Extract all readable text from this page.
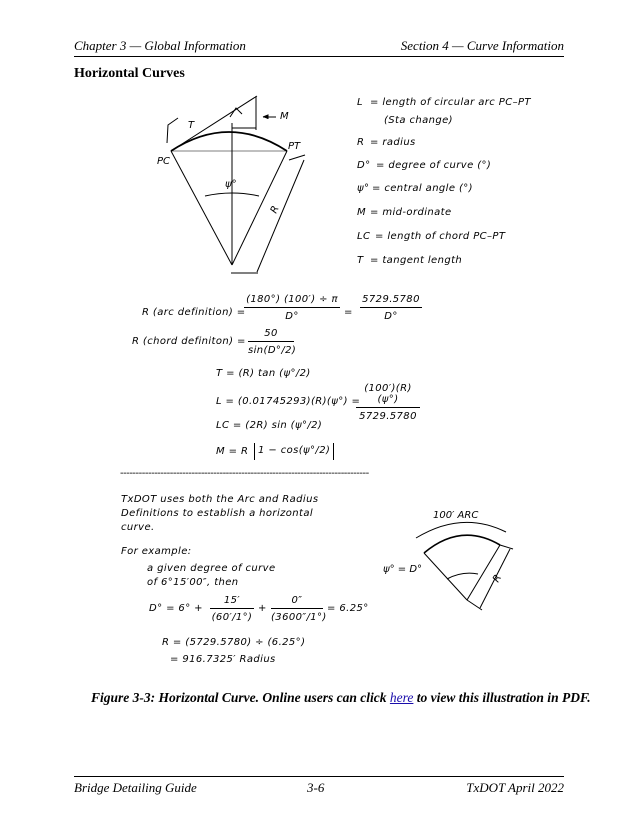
Chapter 3 — Global Information	Section 4 — Curve Information
Horizontal Curves
T
M
PC
PT
ψ°
R
100′ ARC
ψ° = D°
R
L = length of circular arc PC–PT
(Sta change)
R = radius
D° = degree of curve (°)
ψ° = central angle (°)
M = mid-ordinate
LC = length of chord PC–PT
T = tangent length
R (arc definition) =
$\frac{(180^\circ) (100') \div \pi}{D^\circ} = \frac{5729.5780}{D^\circ}$
R (chord definiton) = $\frac{50}{\sin(D^\circ/2)}$
T = (R) tan (ψ°/2)
L = (0.01745293)(R)(ψ°) =
$\frac{(100')(R)(\psi^\circ)}{5729.5780}$
LC = (2R) sin (ψ°/2)
M = R 1 − cos(ψ°/2)
--------------------------------------------------------------------------------
TxDOT uses both the Arc and Radius
Definitions to establish a horizontal
curve.
For example:
a given degree of curve
of 6°15′00″, then
$D^\circ = 6^\circ + \frac{15'}{(60'/1^\circ)} + \frac{0''}{(3600''/1^\circ)} = 6.25^\circ$
R = (5729.5780) ÷ (6.25°)
= 916.7325′ Radius
Figure 3-3: Horizontal Curve. Online users can click here to view this illustration in PDF.
Bridge Detailing Guide	3-6	TxDOT April 2022
